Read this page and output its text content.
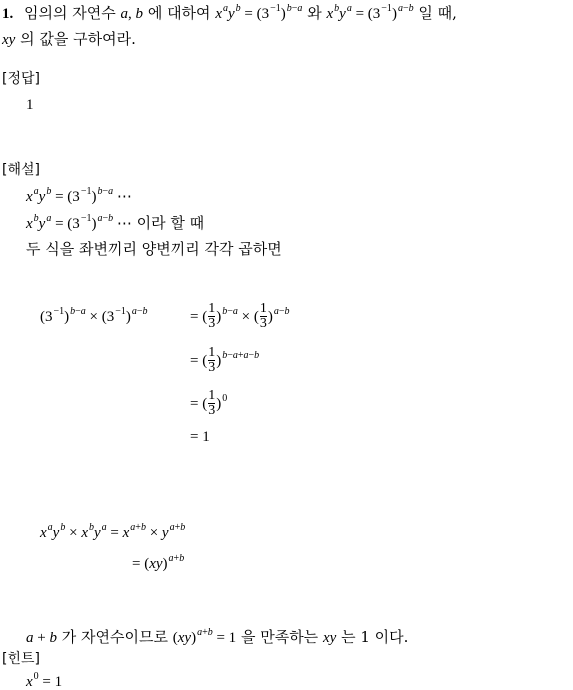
1. 임의의 자연수 a, b 에 대하여 $x^ay^b = (3^{-1})^{b-a}$ 와 $x^by^a = (3^{-1})^{a-b}$ 일 때,
xy 의 값을 구하여라.
[정답]
1
[해설]
$x^ay^b = (3^{-1})^{b-a}$ ⋯
$x^by^a = (3^{-1})^{a-b}$ ⋯ 이라 할 때
두 식을 좌변끼리 양변끼리 각각 곱하면
$(3^{-1})^{b-a} \times (3^{-1})^{a-b}$	= ( $\frac{1}{3} )^{b-a}$ × ( $\frac{1}{3} )^{a-b}$
= ( $\frac{1}{3} )^{b-a+a-b}$
= ( $\frac{1}{3} )^0$
= 1
$x^ay^b \times x^by^a = x^{a+b} \times y^{a+b}$
= (xy)$^{a+b}$
a + b 가 자연수이므로 (xy)$^{a+b}$ = 1 을 만족하는 xy 는 1 이다.
[힌트]
$x^0 = 1$
